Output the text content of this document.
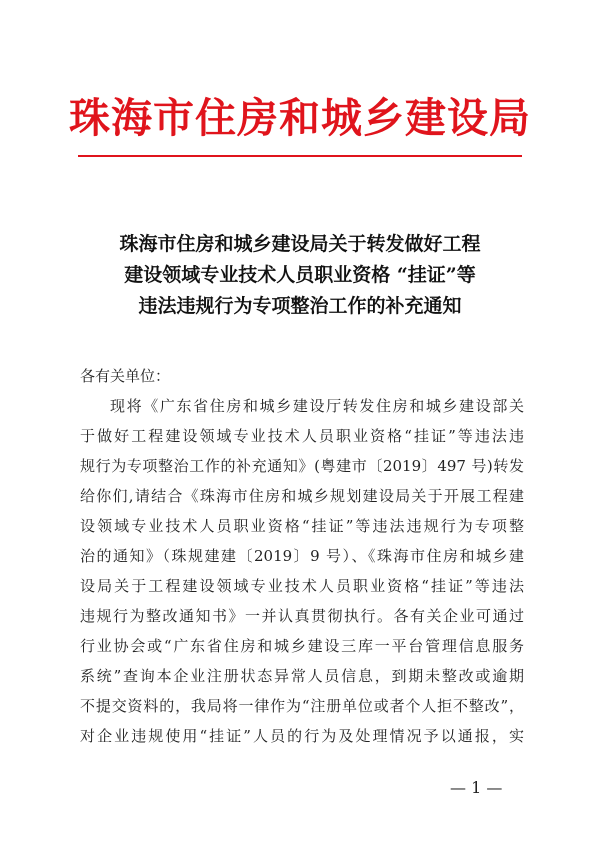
珠海市住房和城乡建设局
珠海市住房和城乡建设局关于转发做好工程
建设领域专业技术人员职业资格 “挂证”等
违法违规行为专项整治工作的补充通知
各有关单位：
现将《广东省住房和城乡建设厅转发住房和城乡建设部关
于做好工程建设领域专业技术人员职业资格“挂证”等违法违
规行为专项整治工作的补充通知》(粤建市〔2019〕497 号)转发
给你们,请结合《珠海市住房和城乡规划建设局关于开展工程建
设领域专业技术人员职业资格“挂证”等违法违规行为专项整
治的通知》（珠规建建〔2019〕9 号）、《珠海市住房和城乡建
设局关于工程建设领域专业技术人员职业资格“挂证”等违法
违规行为整改通知书》一并认真贯彻执行。各有关企业可通过
行业协会或“广东省住房和城乡建设三库一平台管理信息服务
系统”查询本企业注册状态异常人员信息，到期未整改或逾期
不提交资料的，我局将一律作为“注册单位或者个人拒不整改”，
对企业违规使用“挂证”人员的行为及处理情况予以通报，实
— 1 —
